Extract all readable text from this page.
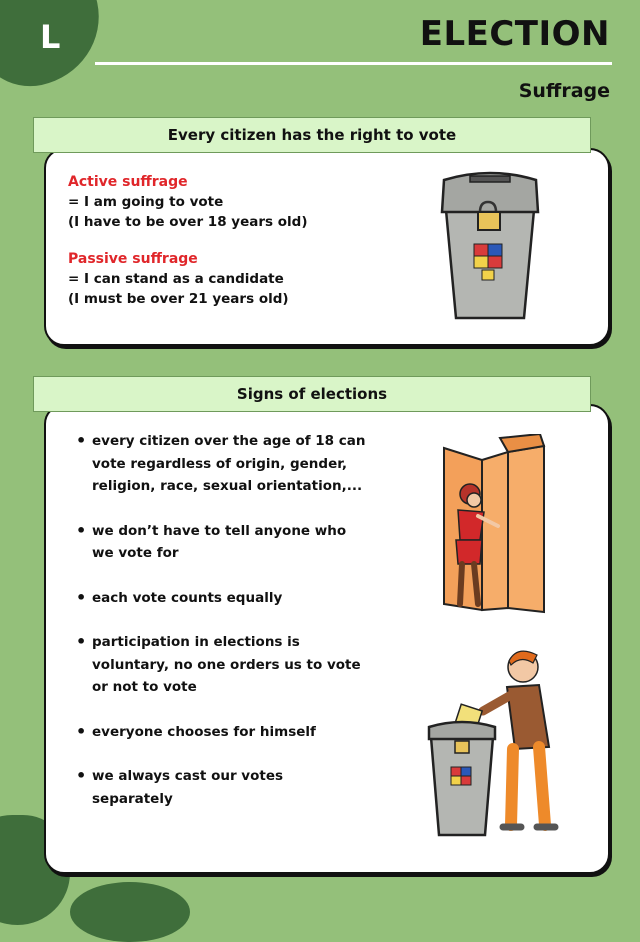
L	ELECTION
Suffrage
Every citizen has the right to vote
Active suffrage
= I am going to vote
(I have to be over 18 years old)
Passive suffrage
= I can stand as a candidate
(I must be over 21 years old)
Signs of elections
• every citizen over the age of 18 can
vote regardless of origin, gender,
religion, race, sexual orientation,...
• we don’t have to tell anyone who
we vote for
• each vote counts equally
• participation in elections is
voluntary, no one orders us to vote
or not to vote
• everyone chooses for himself
• we always cast our votes
separately
